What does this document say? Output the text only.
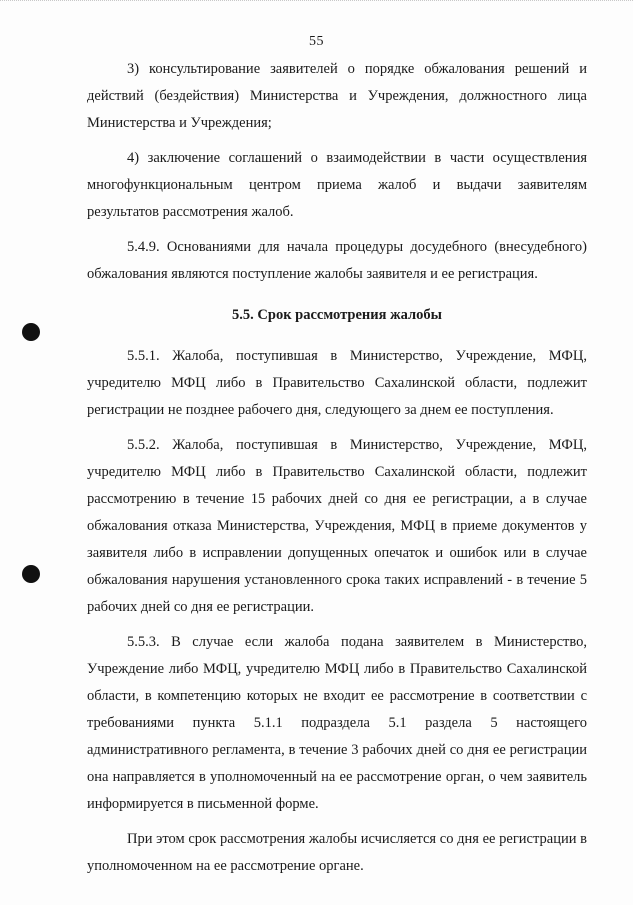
55

3) консультирование заявителей о порядке обжалования решений и действий (бездействия) Министерства и Учреждения, должностного лица Министерства и Учреждения;

4) заключение соглашений о взаимодействии в части осуществления многофункциональным центром приема жалоб и выдачи заявителям результатов рассмотрения жалоб.

5.4.9. Основаниями для начала процедуры досудебного (внесудебного) обжалования являются поступление жалобы заявителя и ее регистрация.

5.5. Срок рассмотрения жалобы

5.5.1. Жалоба, поступившая в Министерство, Учреждение, МФЦ, учредителю МФЦ либо в Правительство Сахалинской области, подлежит регистрации не позднее рабочего дня, следующего за днем ее поступления.

5.5.2. Жалоба, поступившая в Министерство, Учреждение, МФЦ, учредителю МФЦ либо в Правительство Сахалинской области, подлежит рассмотрению в течение 15 рабочих дней со дня ее регистрации, а в случае обжалования отказа Министерства, Учреждения, МФЦ в приеме документов у заявителя либо в исправлении допущенных опечаток и ошибок или в случае обжалования нарушения установленного срока таких исправлений - в течение 5 рабочих дней со дня ее регистрации.

5.5.3. В случае если жалоба подана заявителем в Министерство, Учреждение либо МФЦ, учредителю МФЦ либо в Правительство Сахалинской области, в компетенцию которых не входит ее рассмотрение в соответствии с требованиями пункта 5.1.1 подраздела 5.1 раздела 5 настоящего административного регламента, в течение 3 рабочих дней со дня ее регистрации она направляется в уполномоченный на ее рассмотрение орган, о чем заявитель информируется в письменной форме.

При этом срок рассмотрения жалобы исчисляется со дня ее регистрации в уполномоченном на ее рассмотрение органе.
